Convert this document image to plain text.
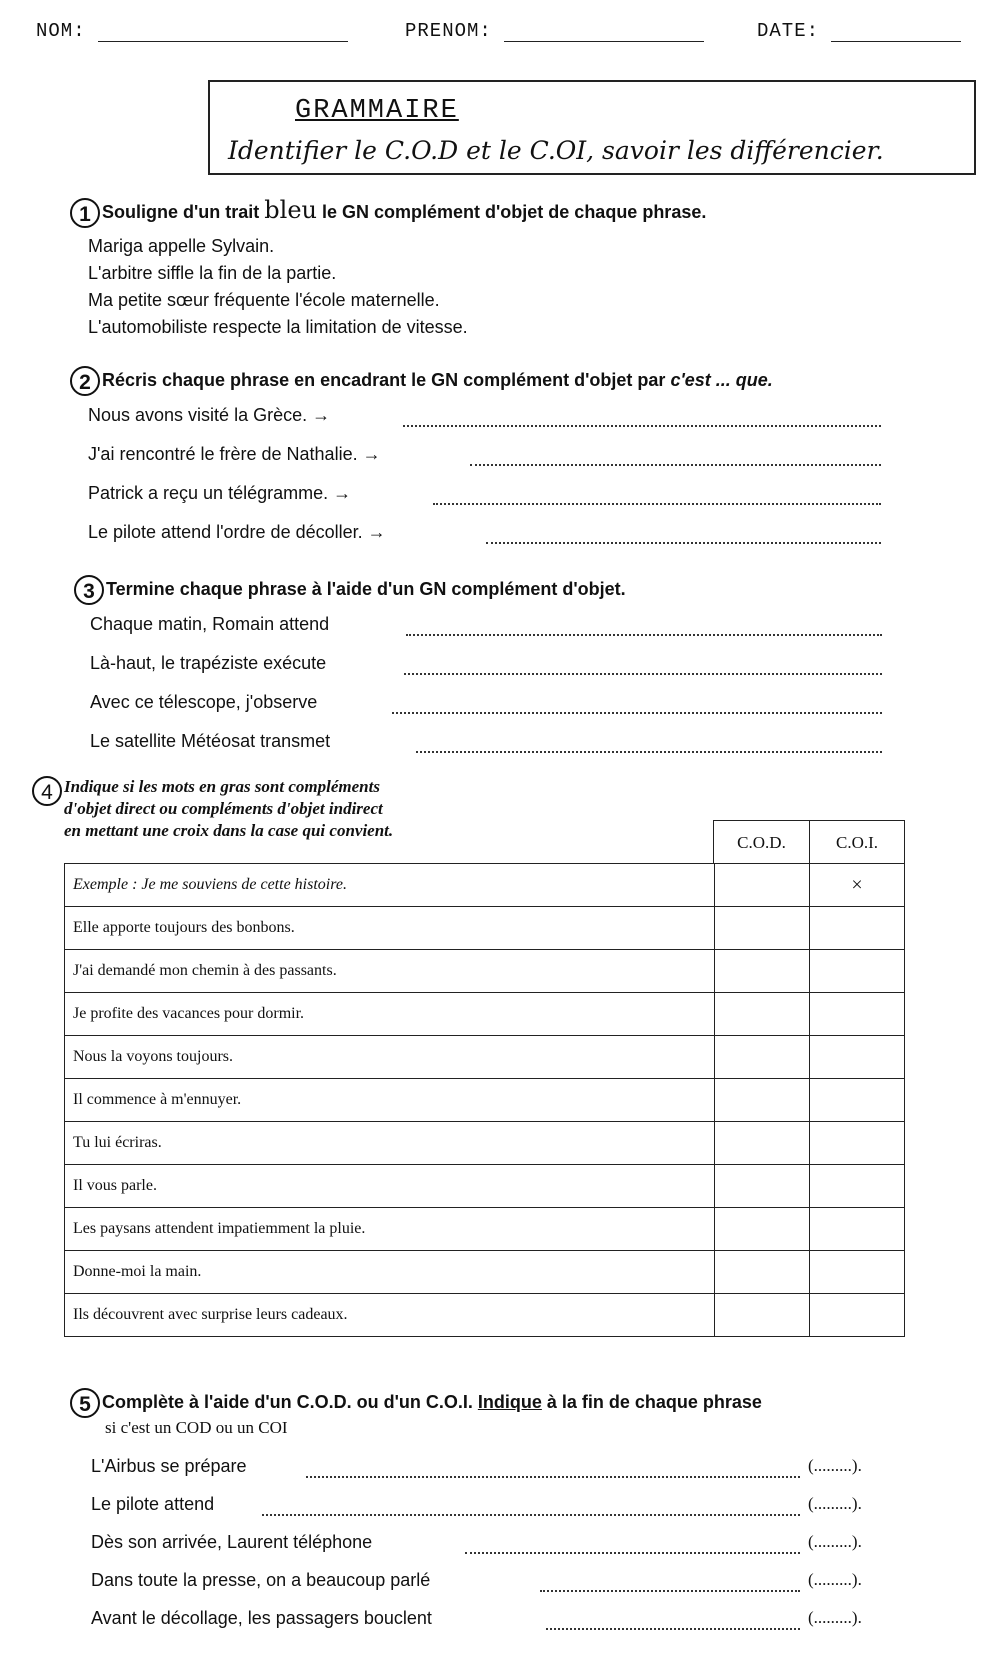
NOM:	PRENOM:	DATE:
GRAMMAIRE
Identifier le C.O.D et le C.OI, savoir les différencier.
1 Souligne d'un trait bleu le GN complément d'objet de chaque phrase.
Mariga appelle Sylvain.
L'arbitre siffle la fin de la partie.
Ma petite sœur fréquente l'école maternelle.
L'automobiliste respecte la limitation de vitesse.
2 Récris chaque phrase en encadrant le GN complément d'objet par c'est ... que.
Nous avons visité la Grèce. →
J'ai rencontré le frère de Nathalie. →
Patrick a reçu un télégramme. →
Le pilote attend l'ordre de décoller. →
3 Termine chaque phrase à l'aide d'un GN complément d'objet.
Chaque matin, Romain attend
Là-haut, le trapéziste exécute
Avec ce télescope, j'observe
Le satellite Météosat transmet
4 Indique si les mots en gras sont compléments
d'objet direct ou compléments d'objet indirect
en mettant une croix dans la case qui convient.
C.O.D.	C.O.I.
Exemple : Je me souviens de cette histoire.		×
Elle apporte toujours des bonbons.		
J'ai demandé mon chemin à des passants.		
Je profite des vacances pour dormir.		
Nous la voyons toujours.		
Il commence à m'ennuyer.		
Tu lui écriras.		
Il vous parle.		
Les paysans attendent impatiemment la pluie.		
Donne-moi la main.		
Ils découvrent avec surprise leurs cadeaux.		
5 Complète à l'aide d'un C.O.D. ou d'un C.O.I. Indique à la fin de chaque phrase
si c'est un COD ou un COI
L'Airbus se prépare	(.........).
Le pilote attend	(.........).
Dès son arrivée, Laurent téléphone	(.........).
Dans toute la presse, on a beaucoup parlé	(.........).
Avant le décollage, les passagers bouclent	(.........).
